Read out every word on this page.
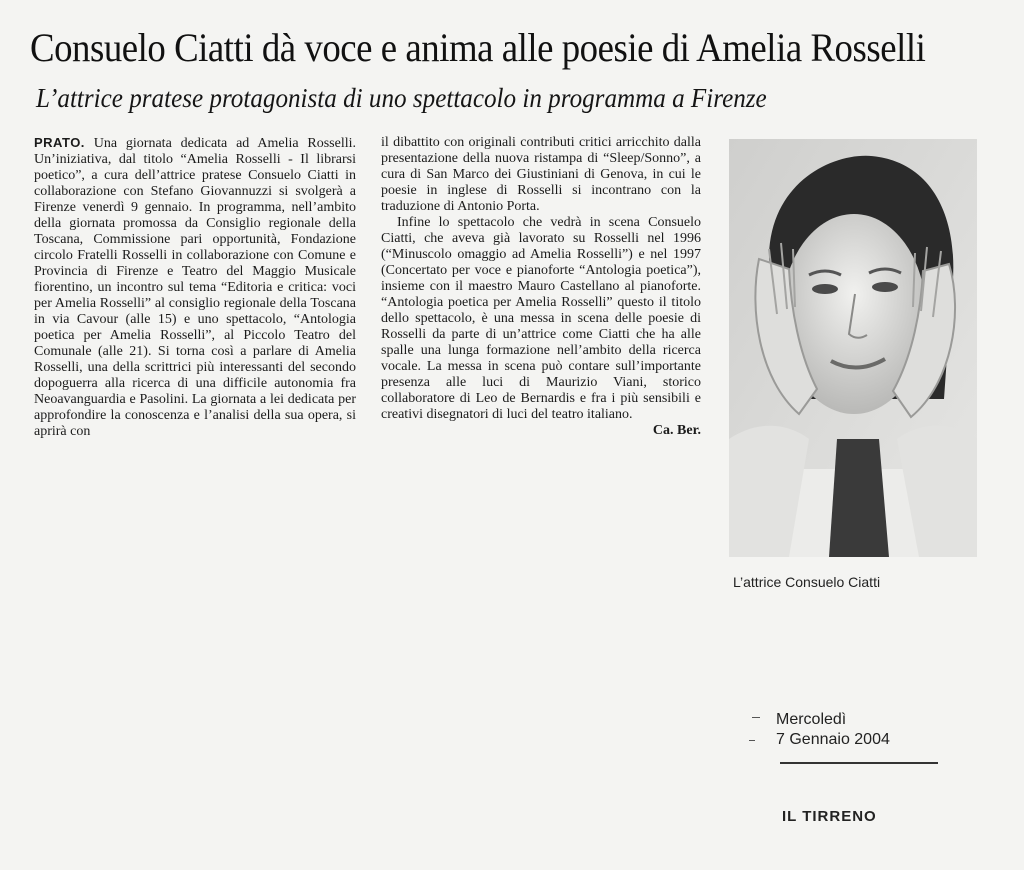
Consuelo Ciatti dà voce e anima alle poesie di Amelia Rosselli
L’attrice pratese protagonista di uno spettacolo in programma a Firenze

PRATO. Una giornata dedicata ad Amelia Rosselli. Un’iniziativa, dal titolo “Amelia Rosselli - Il librarsi poetico”, a cura dell’attrice pratese Consuelo Ciatti in collaborazione con Stefano Giovannuzzi si svolgerà a Firenze venerdì 9 gennaio. In programma, nell’ambito della giornata promossa da Consiglio regionale della Toscana, Commissione pari opportunità, Fondazione circolo Fratelli Rosselli in collaborazione con Comune e Provincia di Firenze e Teatro del Maggio Musicale fiorentino, un incontro sul tema “Editoria e critica: voci per Amelia Rosselli” al consiglio regionale della Toscana in via Cavour (alle 15) e uno spettacolo, “Antologia poetica per Amelia Rosselli”, al Piccolo Teatro del Comunale (alle 21). Si torna così a parlare di Amelia Rosselli, una della scrittrici più interessanti del secondo dopoguerra alla ricerca di una difficile autonomia fra Neoavanguardia e Pasolini. La giornata a lei dedicata per approfondire la conoscenza e l’analisi della sua opera, si aprirà con

il dibattito con originali contributi critici arricchito dalla presentazione della nuova ristampa di “Sleep/Sonno”, a cura di San Marco dei Giustiniani di Genova, in cui le poesie in inglese di Rosselli si incontrano con la traduzione di Antonio Porta.

Infine lo spettacolo che vedrà in scena Consuelo Ciatti, che aveva già lavorato su Rosselli nel 1996 (“Minuscolo omaggio ad Amelia Rosselli”) e nel 1997 (Concertato per voce e pianoforte “Antologia poetica”), insieme con il maestro Mauro Castellano al pianoforte. “Antologia poetica per Amelia Rosselli” questo il titolo dello spettacolo, è una messa in scena delle poesie di Rosselli da parte di un’attrice come Ciatti che ha alle spalle una lunga formazione nell’ambito della ricerca vocale. La messa in scena può contare sull’importante presenza alle luci di Maurizio Viani, storico collaboratore di Leo de Bernardis e fra i più sensibili e creativi disegnatori di luci del teatro italiano.

Ca. Ber.

L’attrice Consuelo Ciatti
Mercoledì
7 Gennaio 2004
IL TIRRENO
